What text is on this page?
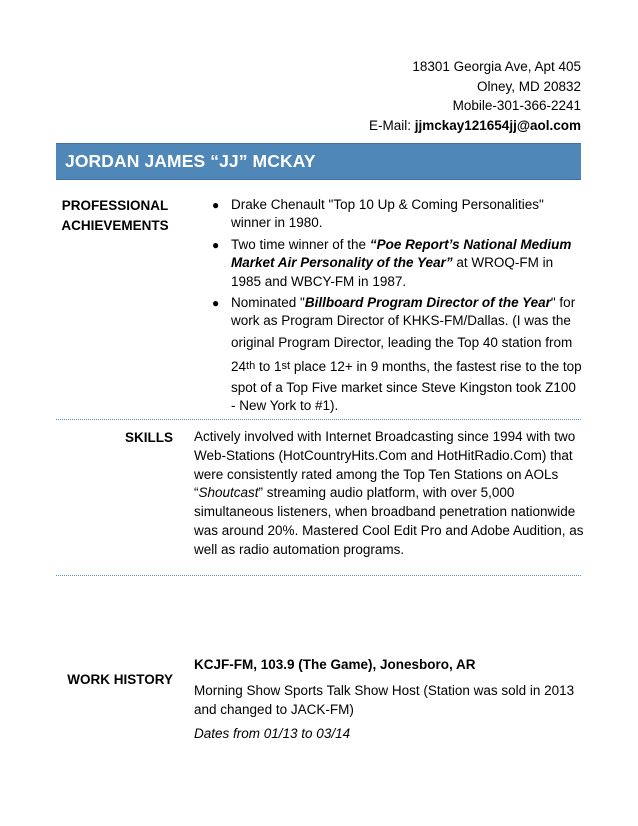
18301 Georgia Ave, Apt 405
Olney, MD 20832
Mobile-301-366-2241
E-Mail: jjmckay121654jj@aol.com
JORDAN JAMES “JJ” MCKAY
PROFESSIONAL
ACHIEVEMENTS
● Drake Chenault "Top 10 Up & Coming Personalities" winner in 1980.
● Two time winner of the “Poe Report’s National Medium Market Air Personality of the Year” at WROQ-FM in 1985 and WBCY-FM in 1987.
● Nominated "Billboard Program Director of the Year" for work as Program Director of KHKS-FM/Dallas. (I was the original Program Director, leading the Top 40 station from 24th to 1st place 12+ in 9 months, the fastest rise to the top spot of a Top Five market since Steve Kingston took Z100 - New York to #1).
SKILLS Actively involved with Internet Broadcasting since 1994 with two Web-Stations (HotCountryHits.Com and HotHitRadio.Com) that were consistently rated among the Top Ten Stations on AOLs “Shoutcast” streaming audio platform, with over 5,000 simultaneous listeners, when broadband penetration nationwide was around 20%. Mastered Cool Edit Pro and Adobe Audition, as well as radio automation programs.
WORK HISTORY
KCJF-FM, 103.9 (The Game), Jonesboro, AR
Morning Show Sports Talk Show Host (Station was sold in 2013 and changed to JACK-FM)
Dates from 01/13 to 03/14
